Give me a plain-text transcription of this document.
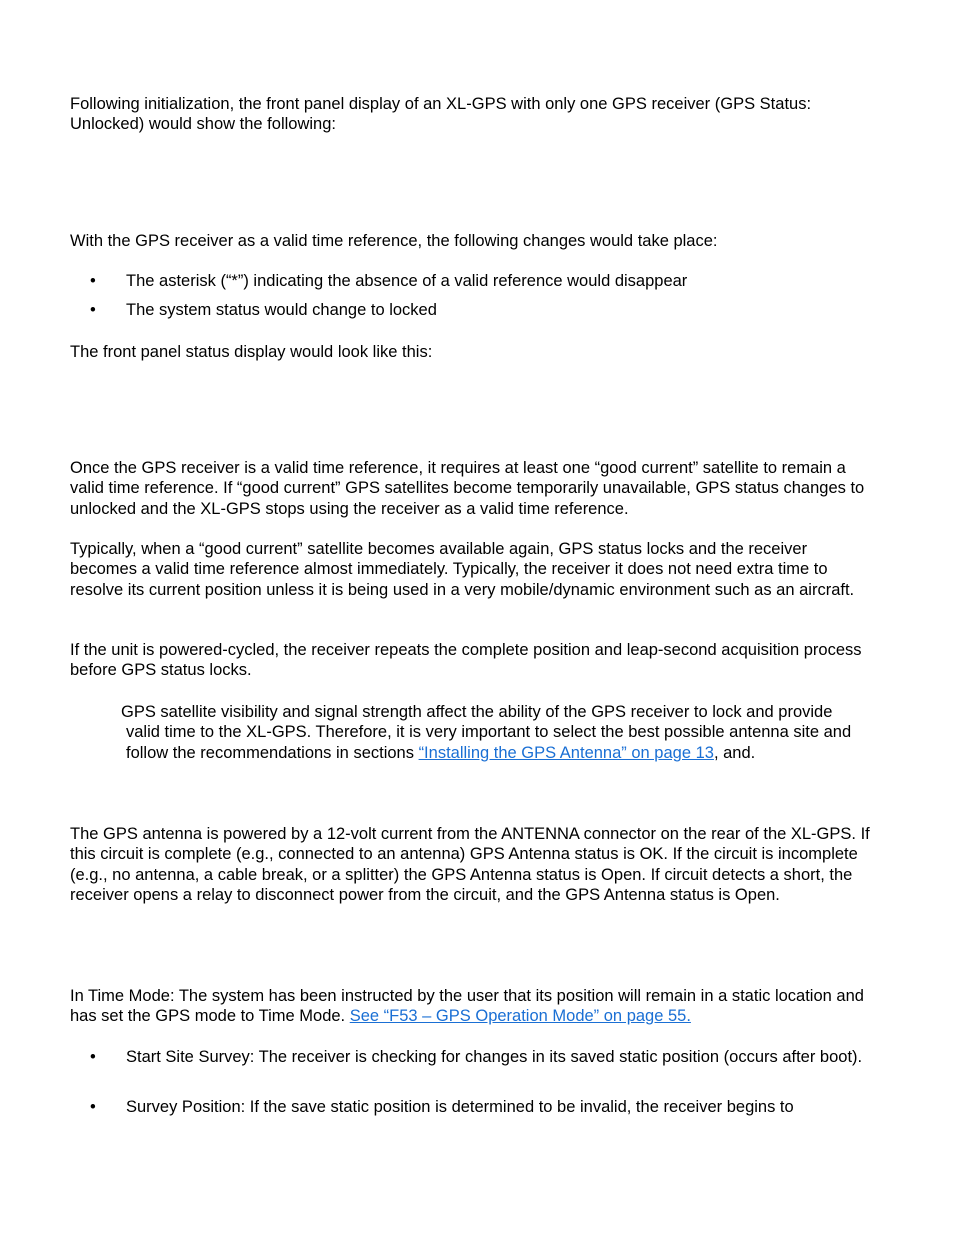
Following initialization, the front panel display of an XL-GPS with only one GPS receiver (GPS Status: Unlocked) would show the following:

With the GPS receiver as a valid time reference, the following changes would take place:

•	The asterisk (“*”) indicating the absence of a valid reference would disappear
•	The system status would change to locked

The front panel status display would look like this:

Once the GPS receiver is a valid time reference, it requires at least one “good current” satellite to remain a valid time reference. If “good current” GPS satellites become temporarily unavailable, GPS status changes to unlocked and the XL-GPS stops using the receiver as a valid time reference.

Typically, when a “good current” satellite becomes available again, GPS status locks and the receiver becomes a valid time reference almost immediately. Typically, the receiver it does not need extra time to resolve its current position unless it is being used in a very mobile/dynamic environment such as an aircraft.

If the unit is powered-cycled, the receiver repeats the complete position and leap-second acquisition process before GPS status locks.

GPS satellite visibility and signal strength affect the ability of the GPS receiver to lock and provide
valid time to the XL-GPS. Therefore, it is very important to select the best possible antenna site and follow the recommendations in sections “Installing the GPS Antenna” on page 13, and.

The GPS antenna is powered by a 12-volt current from the ANTENNA connector on the rear of the XL-GPS. If this circuit is complete (e.g., connected to an antenna) GPS Antenna status is OK. If the circuit is incomplete (e.g., no antenna, a cable break, or a splitter) the GPS Antenna status is Open. If circuit detects a short, the receiver opens a relay to disconnect power from the circuit, and the GPS Antenna status is Open.

In Time Mode: The system has been instructed by the user that its position will remain in a static location and has set the GPS mode to Time Mode. See “F53 – GPS Operation Mode” on page 55.

•	Start Site Survey: The receiver is checking for changes in its saved static position (occurs after boot).
•	Survey Position: If the save static position is determined to be invalid, the receiver begins to
